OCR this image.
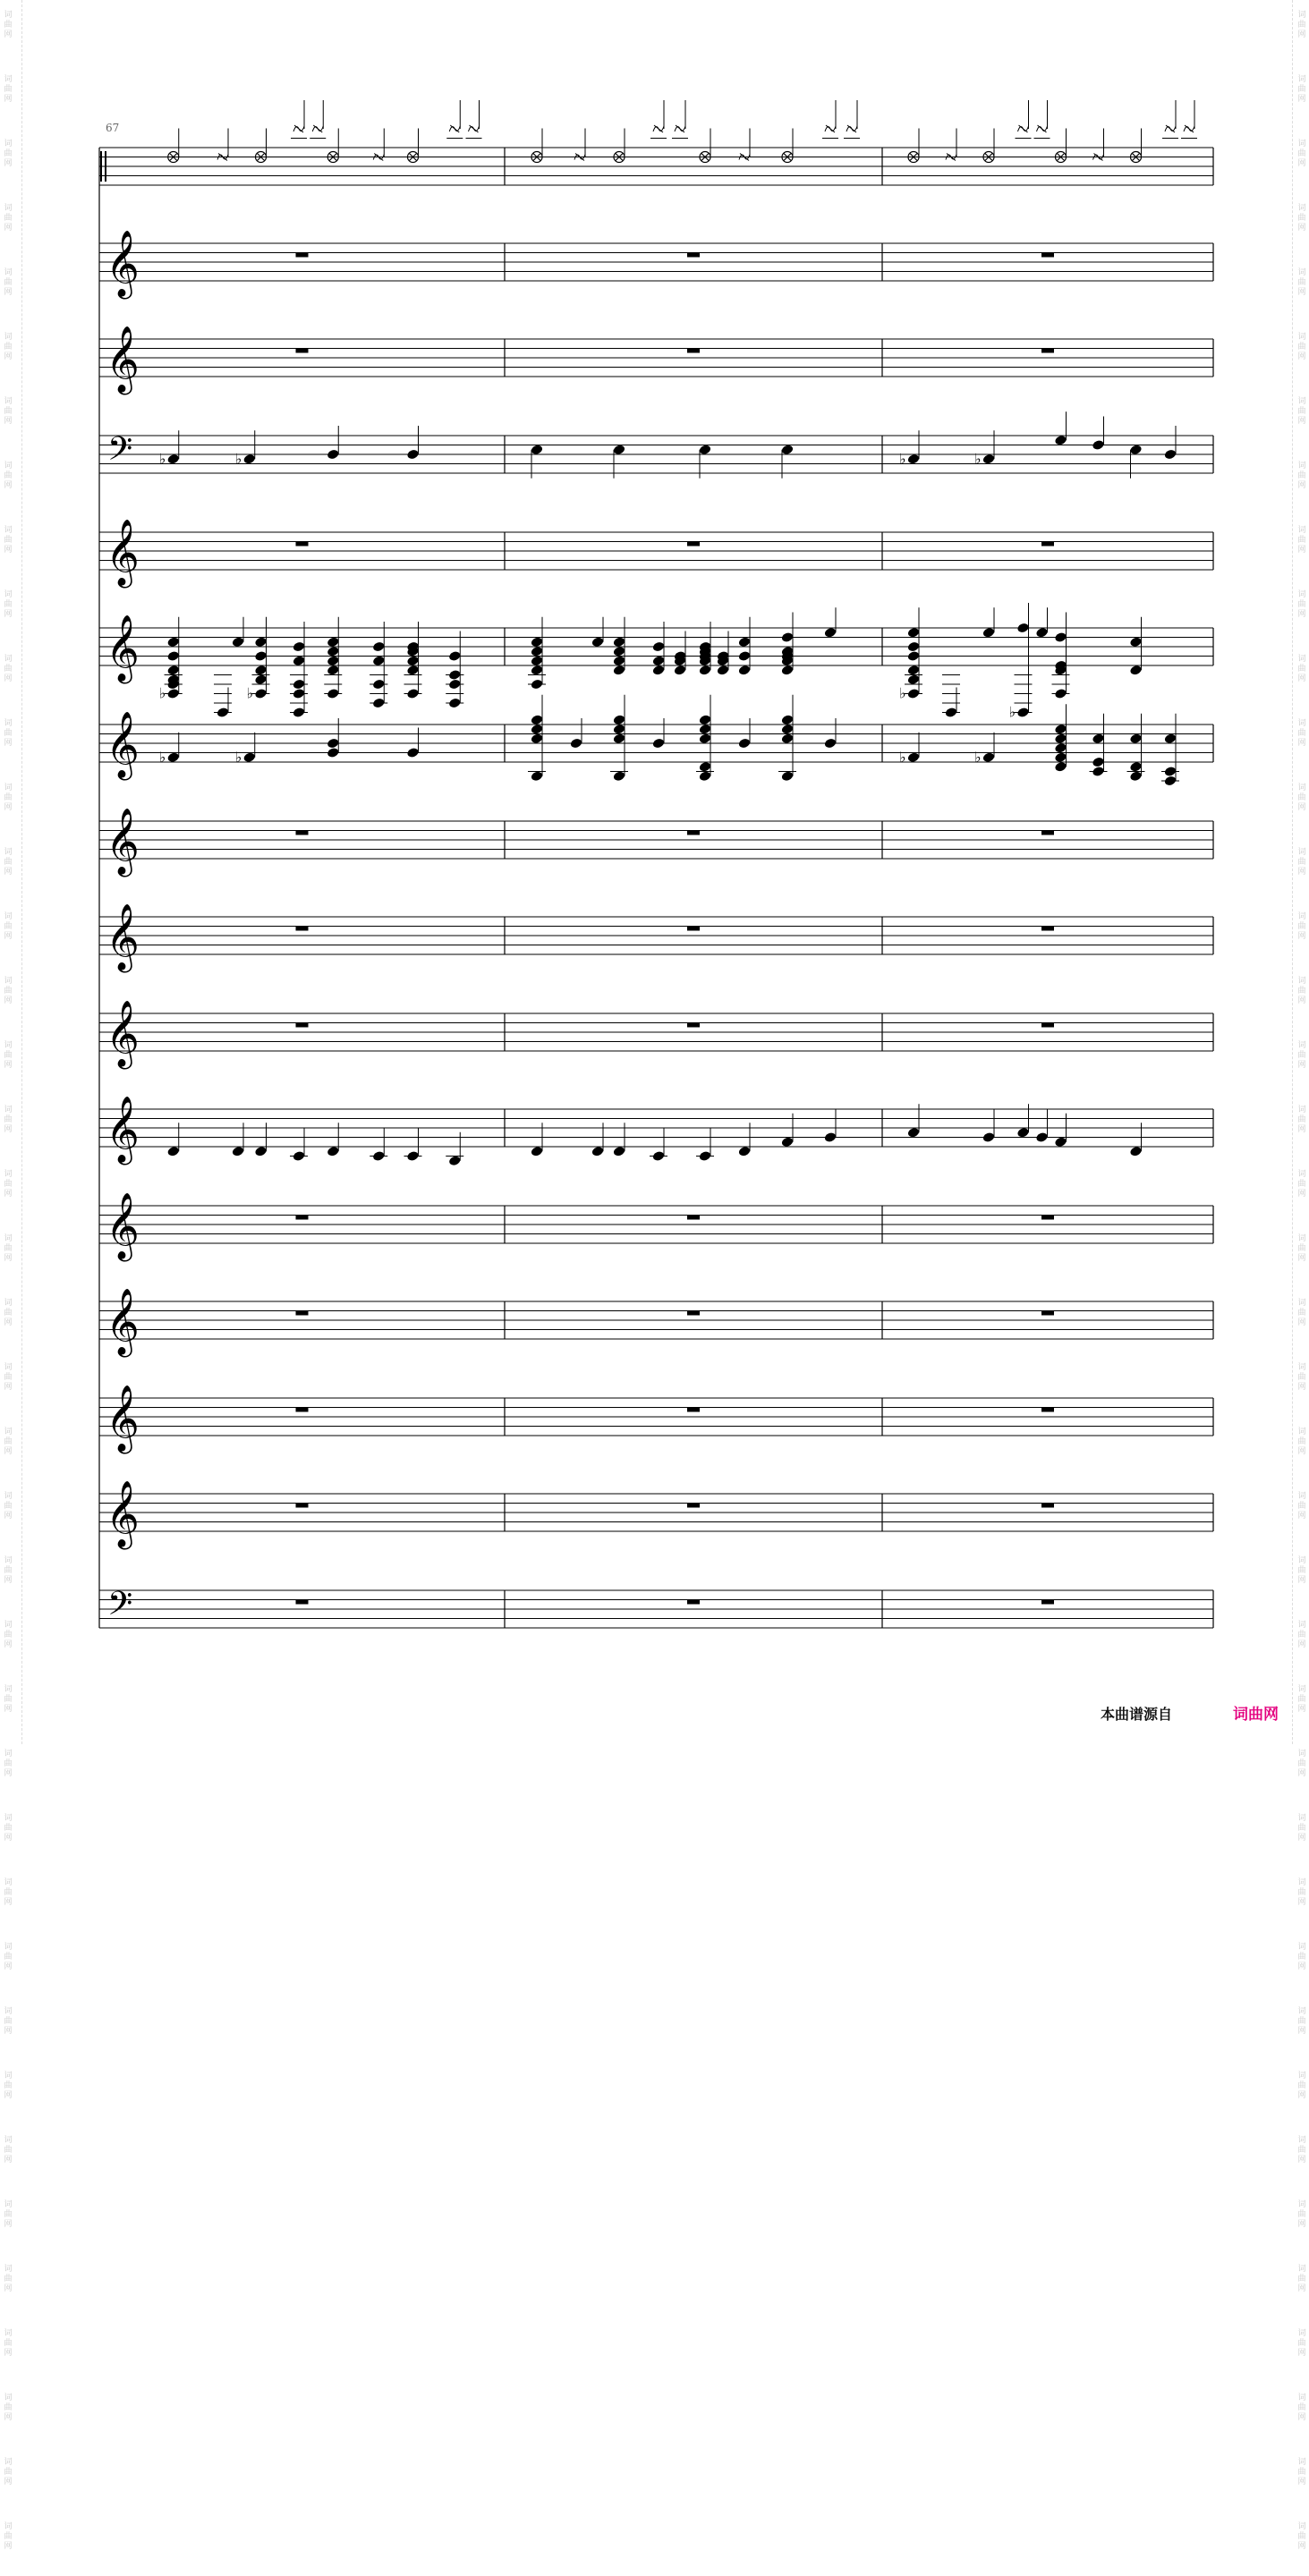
词
曲
网
词
曲
网
词
曲
网
词
曲
网
词
曲
网
词
曲
网
词
曲
网
词
曲
网
词
曲
网
词
曲
网
词
曲
网
词
曲
网
词
曲
网
词
曲
网
词
曲
网
词
曲
网
词
曲
网
词
曲
网
词
曲
网
词
曲
网
词
曲
网
词
曲
网
词
曲
网
词
曲
网
词
曲
网
词
曲
网
词
曲
网
词
曲
网
词
曲
网
词
曲
网
词
曲
网
词
曲
网
词
曲
网
词
曲
网
词
曲
网
词
曲
网
词
曲
网
词
曲
网
词
曲
网
词
曲
网
词
曲
网
词
曲
网
词
曲
网
词
曲
网
词
曲
网
词
曲
网
词
曲
网
词
曲
网
词
曲
网
词
曲
网
词
曲
网
词
曲
网
词
曲
网
词
曲
网
词
曲
网
词
曲
网
词
曲
网
词
曲
网
词
曲
网
词
曲
网
词
曲
网
词
曲
网
词
曲
网
词
曲
网
词
曲
网
词
曲
网
词
曲
网
词
曲
网
词
曲
网
词
曲
网
词
曲
网
词
曲
网
词
曲
网
词
曲
网
词
曲
网
词
曲
网
词
曲
网
词
曲
网
词
曲
网
词
曲
网
67
𝄞
𝄞
𝄢
𝄞
𝄞
𝄞
𝄞
𝄞
𝄞
𝄞
𝄞
𝄞
𝄞
𝄞
𝄢
♭	♭	♭	♭
♭	♭	♭
♭
♭	♭	♭	♭
本曲谱源自	词曲网
